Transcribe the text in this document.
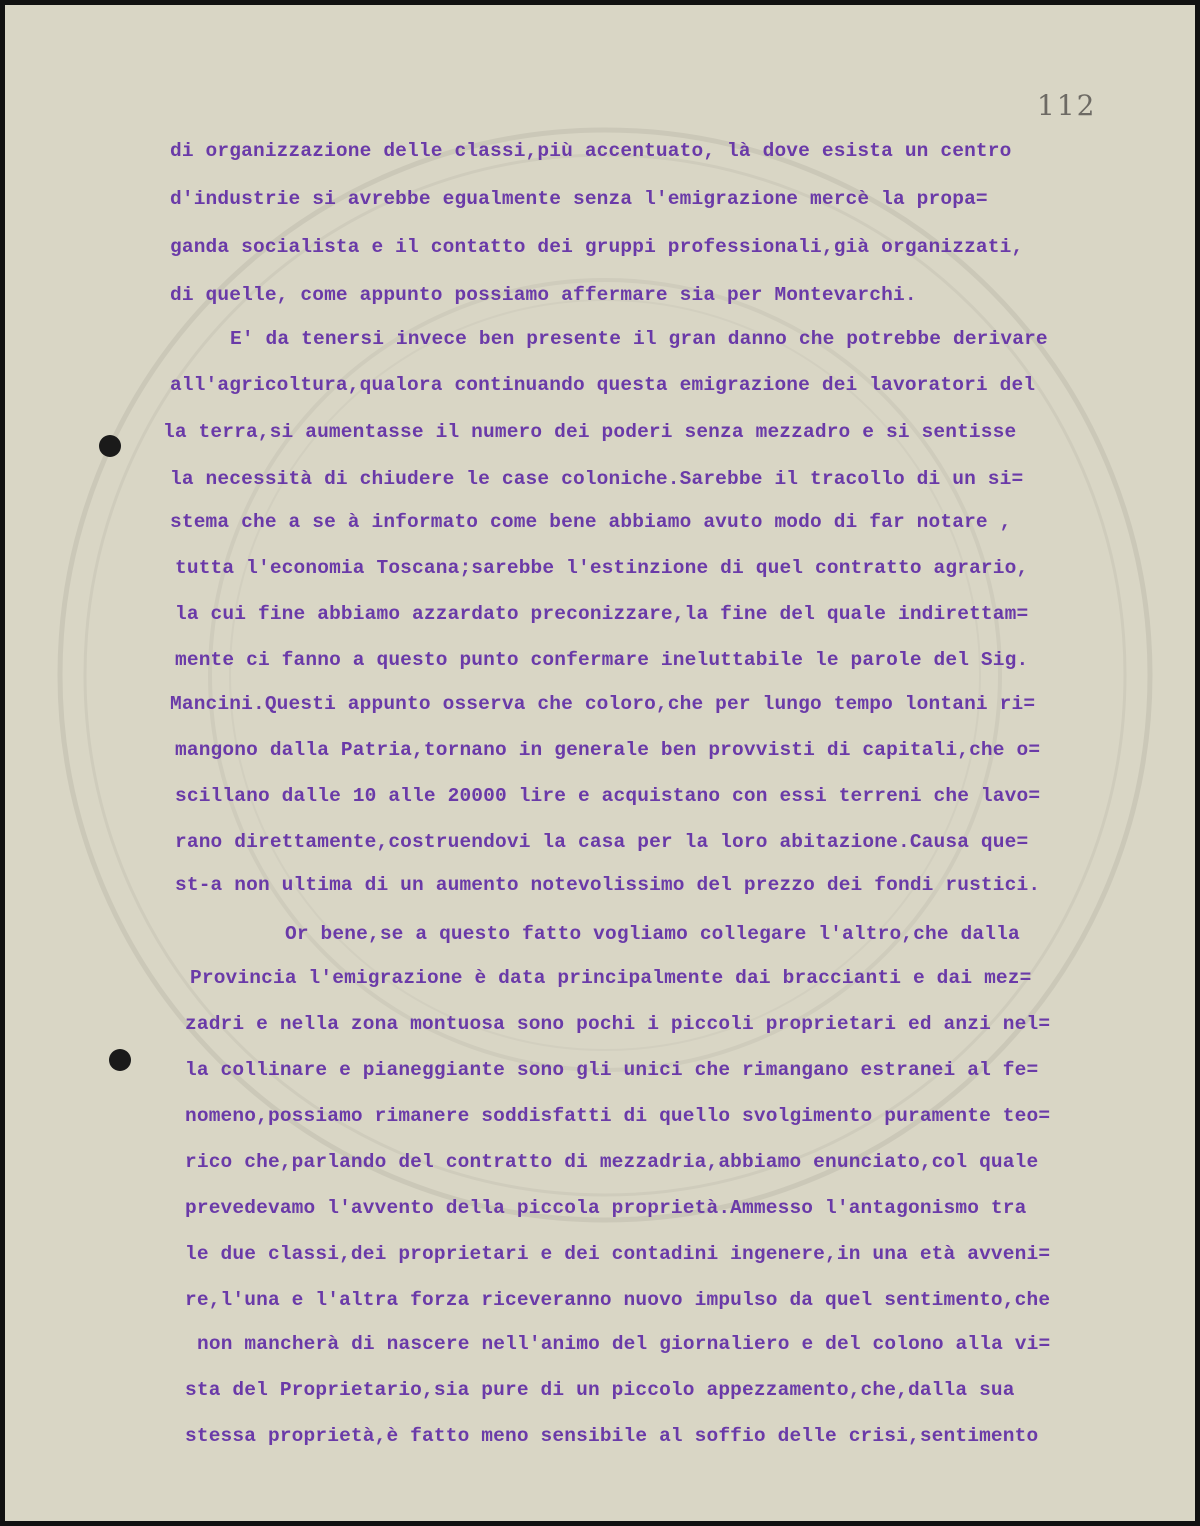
112
di organizzazione delle classi,più accentuato, là dove esista un centro
d'industrie si avrebbe egualmente senza l'emigrazione mercè la propa=
ganda socialista e il contatto dei gruppi professionali,già organizzati,
di quelle, come appunto possiamo affermare sia per Montevarchi.
E' da tenersi invece ben presente il gran danno che potrebbe derivare
all'agricoltura,qualora continuando questa emigrazione dei lavoratori del
la terra,si aumentasse il numero dei poderi senza mezzadro e si sentisse
la necessità di chiudere le case coloniche.Sarebbe il tracollo di un si=
stema che a se à informato come bene abbiamo avuto modo di far notare ,
tutta l'economia Toscana;sarebbe l'estinzione di quel contratto agrario,
la cui fine abbiamo azzardato preconizzare,la fine del quale indirettam=
mente ci fanno a questo punto confermare ineluttabile le parole del Sig.
Mancini.Questi appunto osserva che coloro,che per lungo tempo lontani ri=
mangono dalla Patria,tornano in generale ben provvisti di capitali,che o=
scillano dalle 10 alle 20000 lire e acquistano con essi terreni che lavo=
rano direttamente,costruendovi la casa per la loro abitazione.Causa que=
st-a non ultima di un aumento notevolissimo del prezzo dei fondi rustici.
Or bene,se a questo fatto vogliamo collegare l'altro,che dalla
Provincia l'emigrazione è data principalmente dai braccianti e dai mez=
zadri e nella zona montuosa sono pochi i piccoli proprietari ed anzi nel=
la collinare e pianeggiante sono gli unici che rimangano estranei al fe=
nomeno,possiamo rimanere soddisfatti di quello svolgimento puramente teo=
rico che,parlando del contratto di mezzadria,abbiamo enunciato,col quale
prevedevamo l'avvento della piccola proprietà.Ammesso l'antagonismo tra
le due classi,dei proprietari e dei contadini ingenere,in una età avveni=
re,l'una e l'altra forza riceveranno nuovo impulso da quel sentimento,che
non mancherà di nascere nell'animo del giornaliero e del colono alla vi=
sta del Proprietario,sia pure di un piccolo appezzamento,che,dalla sua
stessa proprietà,è fatto meno sensibile al soffio delle crisi,sentimento
